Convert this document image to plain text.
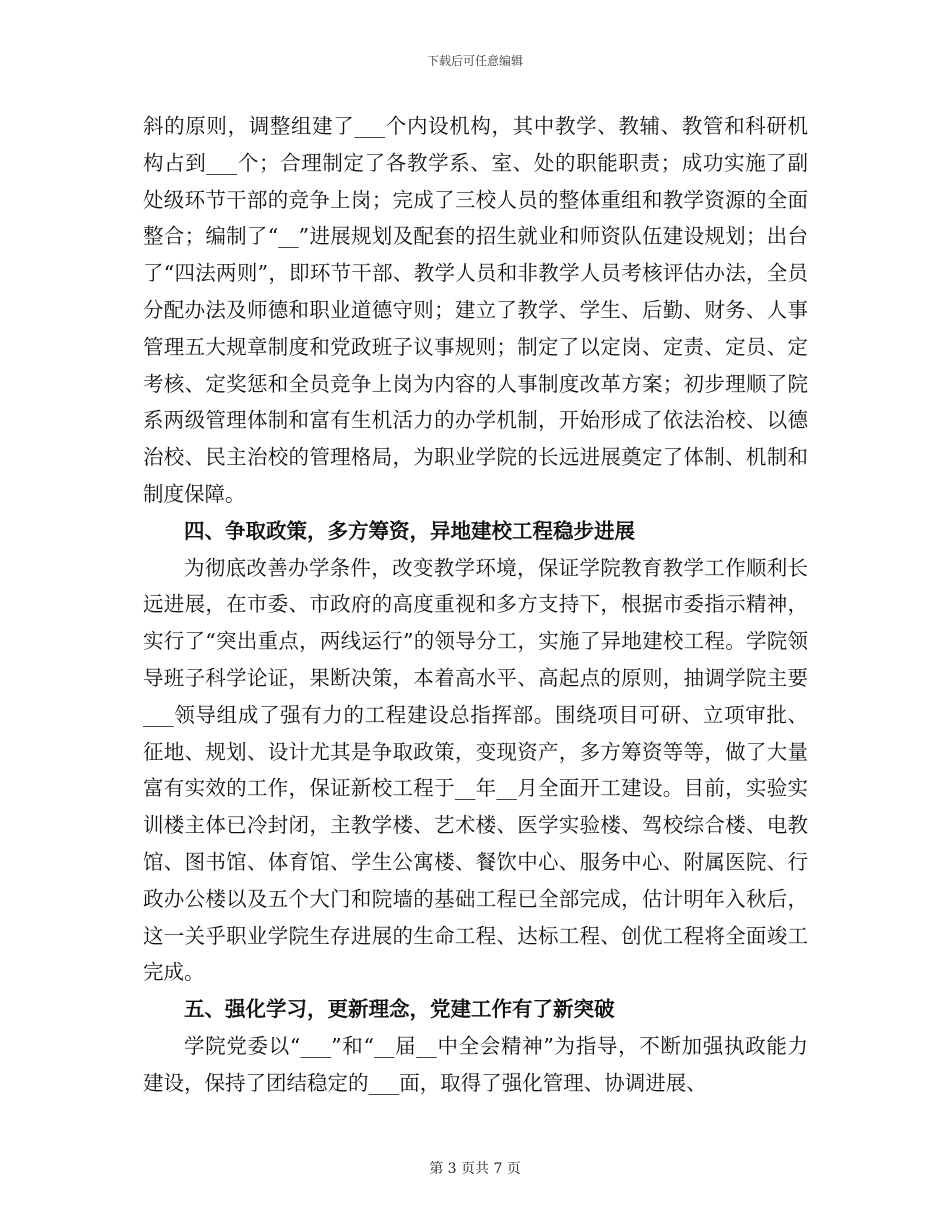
下载后可任意编辑

斜的原则，调整组建了___个内设机构，其中教学、教辅、教管和科研机构占到___个；合理制定了各教学系、室、处的职能职责；成功实施了副处级环节干部的竞争上岗；完成了三校人员的整体重组和教学资源的全面整合；编制了“__”进展规划及配套的招生就业和师资队伍建设规划；出台了“四法两则”，即环节干部、教学人员和非教学人员考核评估办法，全员分配办法及师德和职业道德守则；建立了教学、学生、后勤、财务、人事管理五大规章制度和党政班子议事规则；制定了以定岗、定责、定员、定考核、定奖惩和全员竞争上岗为内容的人事制度改革方案；初步理顺了院系两级管理体制和富有生机活力的办学机制，开始形成了依法治校、以德治校、民主治校的管理格局，为职业学院的长远进展奠定了体制、机制和制度保障。

四、争取政策，多方筹资，异地建校工程稳步进展

为彻底改善办学条件，改变教学环境，保证学院教育教学工作顺利长远进展，在市委、市政府的高度重视和多方支持下，根据市委指示精神，实行了“突出重点，两线运行”的领导分工，实施了异地建校工程。学院领导班子科学论证，果断决策，本着高水平、高起点的原则，抽调学院主要___领导组成了强有力的工程建设总指挥部。围绕项目可研、立项审批、征地、规划、设计尤其是争取政策，变现资产，多方筹资等等，做了大量富有实效的工作，保证新校工程于__年__月全面开工建设。目前，实验实训楼主体已冷封闭，主教学楼、艺术楼、医学实验楼、驾校综合楼、电教馆、图书馆、体育馆、学生公寓楼、餐饮中心、服务中心、附属医院、行政办公楼以及五个大门和院墙的基础工程已全部完成，估计明年入秋后，这一关乎职业学院生存进展的生命工程、达标工程、创优工程将全面竣工完成。

五、强化学习，更新理念，党建工作有了新突破

学院党委以“___”和“__届__中全会精神”为指导，不断加强执政能力建设，保持了团结稳定的___面，取得了强化管理、协调进展、

第 3 页共 7 页
